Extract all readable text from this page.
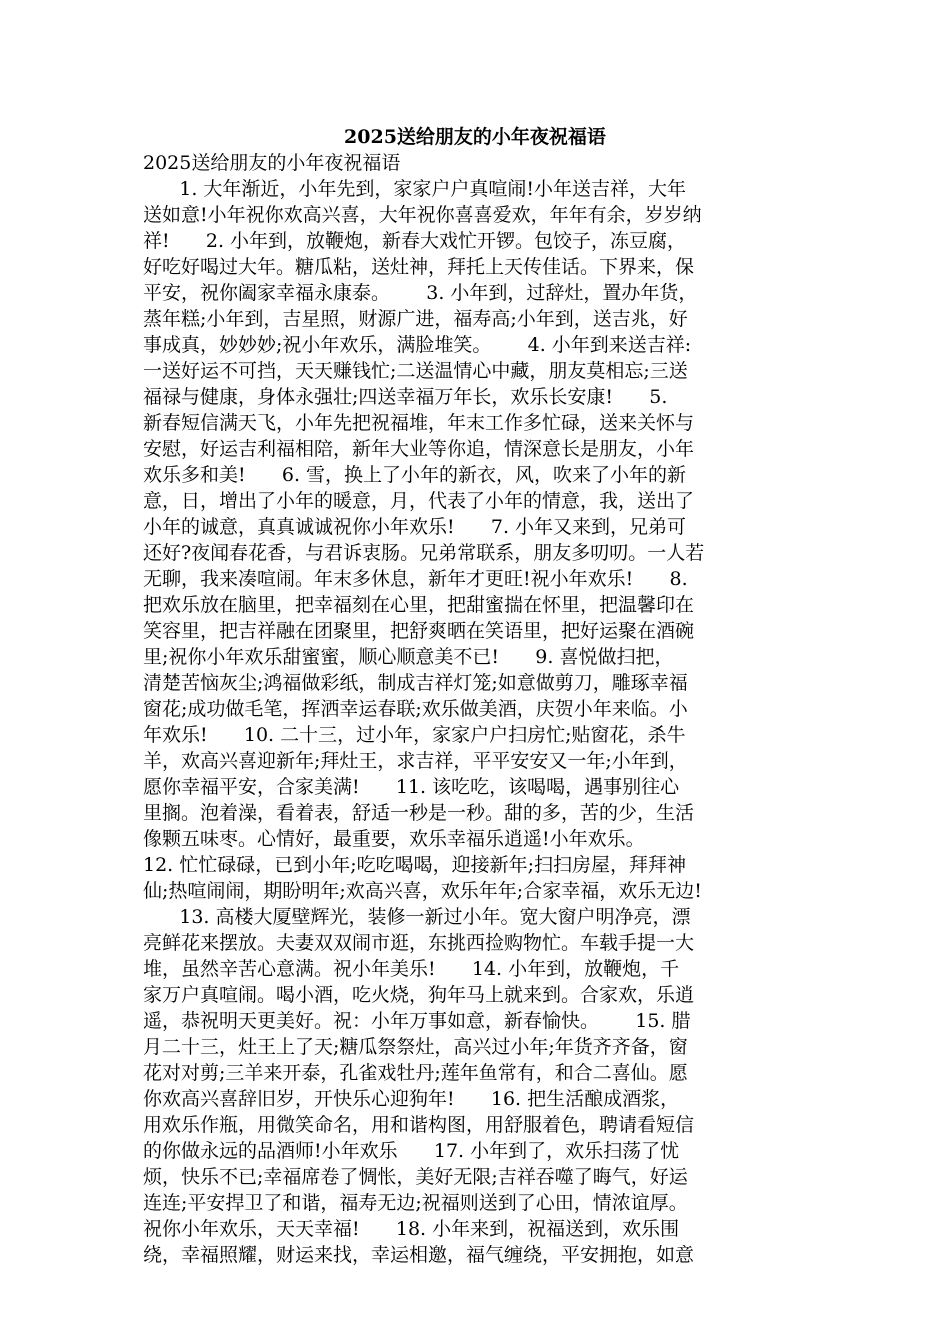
2025送给朋友的小年夜祝福语
2025送给朋友的小年夜祝福语
1. 大年渐近，小年先到，家家户户真喧闹!小年送吉祥，大年
送如意!小年祝你欢高兴喜，大年祝你喜喜爱欢，年年有余，岁岁纳
祥!      2. 小年到，放鞭炮，新春大戏忙开锣。包饺子，冻豆腐，
好吃好喝过大年。糖瓜粘，送灶神，拜托上天传佳话。下界来，保
平安，祝你阖家幸福永康泰。      3. 小年到，过辞灶，置办年货，
蒸年糕;小年到，吉星照，财源广进，福寿高;小年到，送吉兆，好
事成真，妙妙妙;祝小年欢乐，满脸堆笑。      4. 小年到来送吉祥:
一送好运不可挡，天天赚钱忙;二送温情心中藏，朋友莫相忘;三送
福禄与健康，身体永强壮;四送幸福万年长，欢乐长安康!      5.
新春短信满天飞，小年先把祝福堆，年末工作多忙碌，送来关怀与
安慰，好运吉利福相陪，新年大业等你追，情深意长是朋友，小年
欢乐多和美!      6. 雪，换上了小年的新衣，风，吹来了小年的新
意，日，增出了小年的暖意，月，代表了小年的情意，我，送出了
小年的诚意，真真诚诚祝你小年欢乐!      7. 小年又来到，兄弟可
还好?夜闻春花香，与君诉衷肠。兄弟常联系，朋友多叨叨。一人若
无聊，我来凑喧闹。年末多休息，新年才更旺!祝小年欢乐!      8.
把欢乐放在脑里，把幸福刻在心里，把甜蜜揣在怀里，把温馨印在
笑容里，把吉祥融在团聚里，把舒爽晒在笑语里，把好运聚在酒碗
里;祝你小年欢乐甜蜜蜜，顺心顺意美不已!      9. 喜悦做扫把，
清楚苦恼灰尘;鸿福做彩纸，制成吉祥灯笼;如意做剪刀，雕琢幸福
窗花;成功做毛笔，挥洒幸运春联;欢乐做美酒，庆贺小年来临。小
年欢乐!      10. 二十三，过小年，家家户户扫房忙;贴窗花，杀牛
羊，欢高兴喜迎新年;拜灶王，求吉祥，平平安安又一年;小年到，
愿你幸福平安，合家美满!      11. 该吃吃，该喝喝，遇事别往心
里搁。泡着澡，看着表，舒适一秒是一秒。甜的多，苦的少，生活
像颗五味枣。心情好，最重要，欢乐幸福乐逍遥!小年欢乐。
12. 忙忙碌碌，已到小年;吃吃喝喝，迎接新年;扫扫房屋，拜拜神
仙;热喧闹闹，期盼明年;欢高兴喜，欢乐年年;合家幸福，欢乐无边!
13. 高楼大厦壁辉光，装修一新过小年。宽大窗户明净亮，漂
亮鲜花来摆放。夫妻双双闹市逛，东挑西捡购物忙。车载手提一大
堆，虽然辛苦心意满。祝小年美乐!      14. 小年到，放鞭炮，千
家万户真喧闹。喝小酒，吃火烧，狗年马上就来到。合家欢，乐逍
遥，恭祝明天更美好。祝：小年万事如意，新春愉快。      15. 腊
月二十三，灶王上了天;糖瓜祭祭灶，高兴过小年;年货齐齐备，窗
花对对剪;三羊来开泰，孔雀戏牡丹;莲年鱼常有，和合二喜仙。愿
你欢高兴喜辞旧岁，开快乐心迎狗年!      16. 把生活酿成酒浆，
用欢乐作瓶，用微笑命名，用和谐构图，用舒服着色，聘请看短信
的你做永远的品酒师!小年欢乐      17. 小年到了，欢乐扫荡了忧
烦，快乐不已;幸福席卷了惆怅，美好无限;吉祥吞噬了晦气，好运
连连;平安捍卫了和谐，福寿无边;祝福则送到了心田，情浓谊厚。
祝你小年欢乐，天天幸福!      18. 小年来到，祝福送到，欢乐围
绕，幸福照耀，财运来找，幸运相邀，福气缠绕，平安拥抱，如意
